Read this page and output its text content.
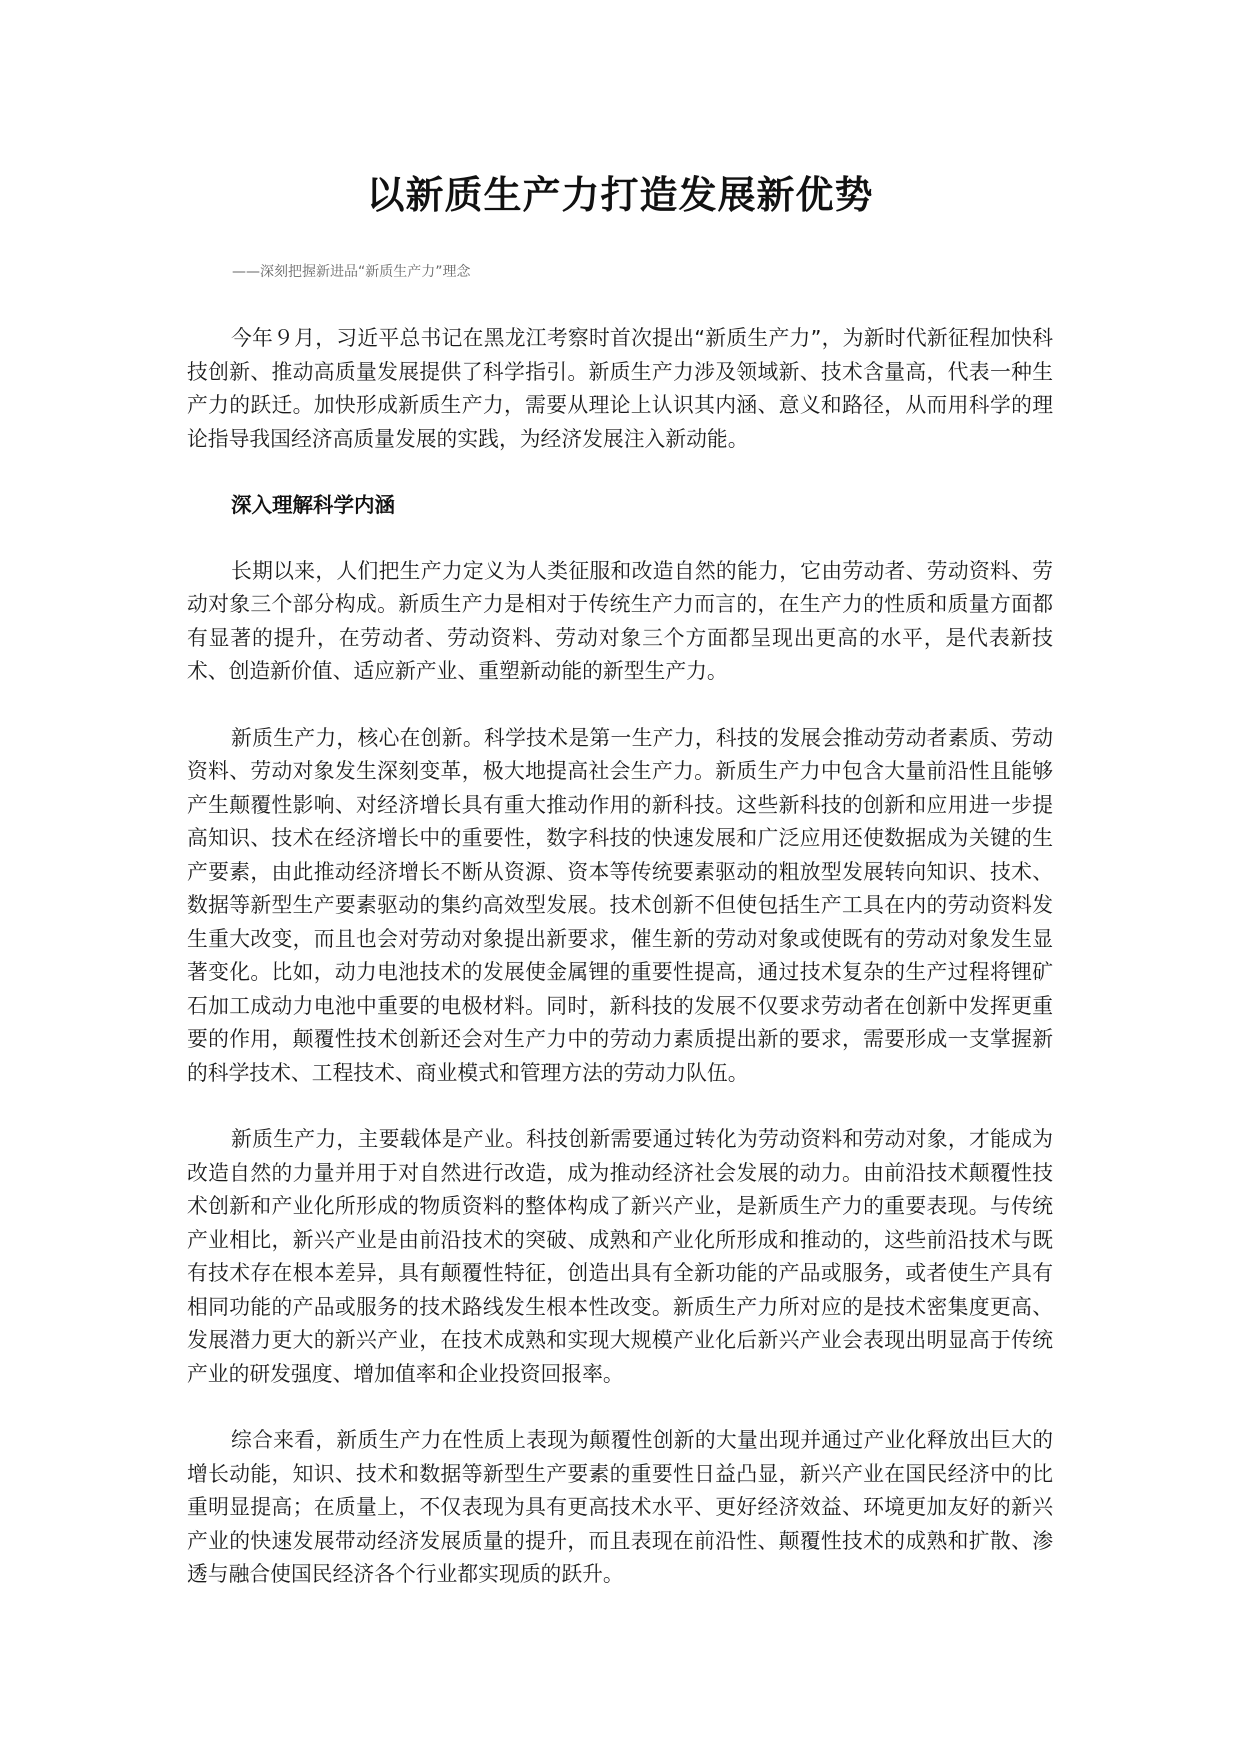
以新质生产力打造发展新优势
——深刻把握新进品“新质生产力”理念

今年９月，习近平总书记在黑龙江考察时首次提出“新质生产力”，为新时代新征程加快科技创新、推动高质量发展提供了科学指引。新质生产力涉及领域新、技术含量高，代表一种生产力的跃迁。加快形成新质生产力，需要从理论上认识其内涵、意义和路径，从而用科学的理论指导我国经济高质量发展的实践，为经济发展注入新动能。

深入理解科学内涵

长期以来，人们把生产力定义为人类征服和改造自然的能力，它由劳动者、劳动资料、劳动对象三个部分构成。新质生产力是相对于传统生产力而言的，在生产力的性质和质量方面都有显著的提升，在劳动者、劳动资料、劳动对象三个方面都呈现出更高的水平，是代表新技术、创造新价值、适应新产业、重塑新动能的新型生产力。

新质生产力，核心在创新。科学技术是第一生产力，科技的发展会推动劳动者素质、劳动资料、劳动对象发生深刻变革，极大地提高社会生产力。新质生产力中包含大量前沿性且能够产生颠覆性影响、对经济增长具有重大推动作用的新科技。这些新科技的创新和应用进一步提高知识、技术在经济增长中的重要性，数字科技的快速发展和广泛应用还使数据成为关键的生产要素，由此推动经济增长不断从资源、资本等传统要素驱动的粗放型发展转向知识、技术、数据等新型生产要素驱动的集约高效型发展。技术创新不但使包括生产工具在内的劳动资料发生重大改变，而且也会对劳动对象提出新要求，催生新的劳动对象或使既有的劳动对象发生显著变化。比如，动力电池技术的发展使金属锂的重要性提高，通过技术复杂的生产过程将锂矿石加工成动力电池中重要的电极材料。同时，新科技的发展不仅要求劳动者在创新中发挥更重要的作用，颠覆性技术创新还会对生产力中的劳动力素质提出新的要求，需要形成一支掌握新的科学技术、工程技术、商业模式和管理方法的劳动力队伍。

新质生产力，主要载体是产业。科技创新需要通过转化为劳动资料和劳动对象，才能成为改造自然的力量并用于对自然进行改造，成为推动经济社会发展的动力。由前沿技术颠覆性技术创新和产业化所形成的物质资料的整体构成了新兴产业，是新质生产力的重要表现。与传统产业相比，新兴产业是由前沿技术的突破、成熟和产业化所形成和推动的，这些前沿技术与既有技术存在根本差异，具有颠覆性特征，创造出具有全新功能的产品或服务，或者使生产具有相同功能的产品或服务的技术路线发生根本性改变。新质生产力所对应的是技术密集度更高、发展潜力更大的新兴产业，在技术成熟和实现大规模产业化后新兴产业会表现出明显高于传统产业的研发强度、增加值率和企业投资回报率。

综合来看，新质生产力在性质上表现为颠覆性创新的大量出现并通过产业化释放出巨大的增长动能，知识、技术和数据等新型生产要素的重要性日益凸显，新兴产业在国民经济中的比重明显提高；在质量上，不仅表现为具有更高技术水平、更好经济效益、环境更加友好的新兴产业的快速发展带动经济发展质量的提升，而且表现在前沿性、颠覆性技术的成熟和扩散、渗透与融合使国民经济各个行业都实现质的跃升。
